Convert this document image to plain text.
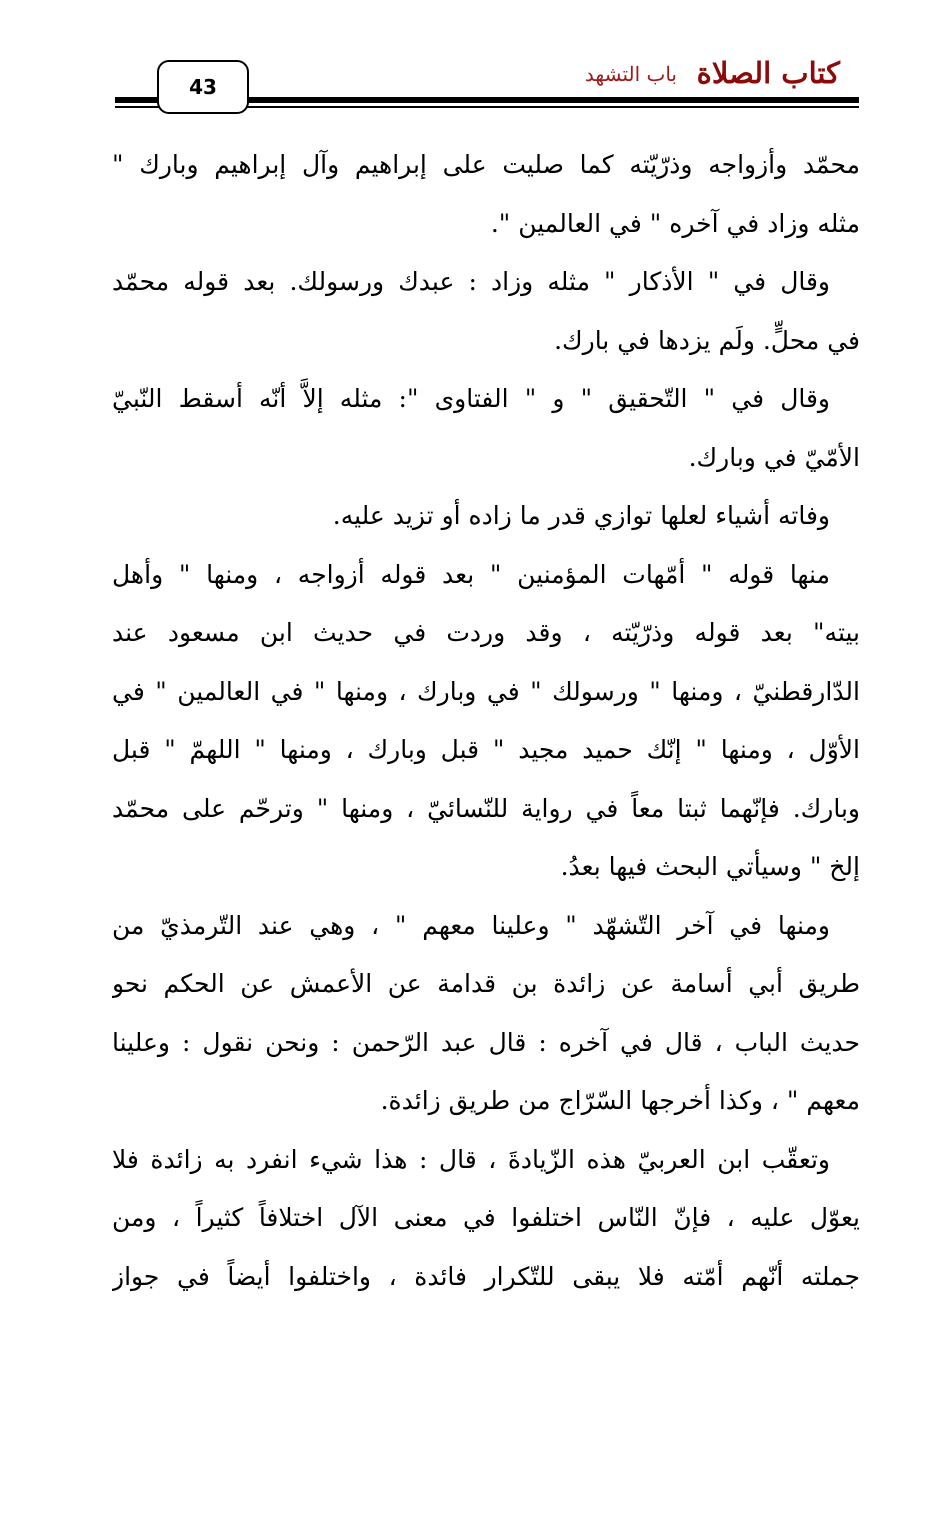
كتاب الصلاة
باب التشهد
43
محمّد وأزواجه وذرّيّته كما صليت على إبراهيم وآل إبراهيم وبارك "
مثله وزاد في آخره " في العالمين ".
وقال في " الأذكار " مثله وزاد : عبدك ورسولك. بعد قوله محمّد
في محلٍّ. ولَم يزدها في بارك.
وقال في " التّحقيق " و " الفتاوى ": مثله إلاَّ أنّه أسقط النّبيّ
الأمّيّ في وبارك.
وفاته أشياء لعلها توازي قدر ما زاده أو تزيد عليه.
منها قوله " أمّهات المؤمنين " بعد قوله أزواجه ، ومنها " وأهل
بيته" بعد قوله وذرّيّته ، وقد وردت في حديث ابن مسعود عند
الدّارقطنيّ ، ومنها " ورسولك " في وبارك ، ومنها " في العالمين " في
الأوّل ، ومنها " إنّك حميد مجيد " قبل وبارك ، ومنها " اللهمّ " قبل
وبارك. فإنّهما ثبتا معاً في رواية للنّسائيّ ، ومنها " وترحّم على محمّد
إلخ " وسيأتي البحث فيها بعدُ.
ومنها في آخر التّشهّد " وعلينا معهم " ، وهي عند التّرمذيّ من
طريق أبي أسامة عن زائدة بن قدامة عن الأعمش عن الحكم نحو
حديث الباب ، قال في آخره : قال عبد الرّحمن : ونحن نقول : وعلينا
معهم " ، وكذا أخرجها السّرّاج من طريق زائدة.
وتعقّب ابن العربيّ هذه الزّيادةَ ، قال : هذا شيء انفرد به زائدة فلا
يعوّل عليه ، فإنّ النّاس اختلفوا في معنى الآل اختلافاً كثيراً ، ومن
جملته أنّهم أمّته فلا يبقى للتّكرار فائدة ، واختلفوا أيضاً في جواز
